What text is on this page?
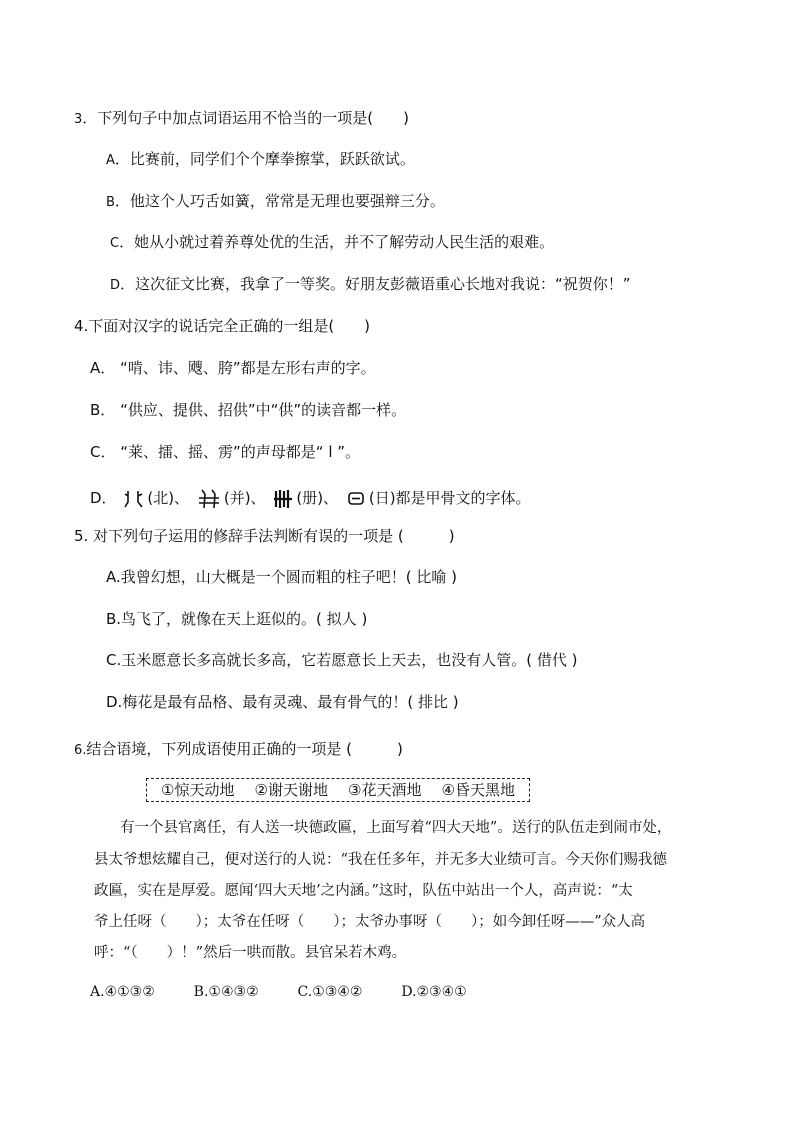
3．下列句子中加点词语运用不恰当的一项是(　　)
A．比赛前，同学们个个摩拳擦掌，跃跃欲试。
B．他这个人巧舌如簧，常常是无理也要强辩三分。
C．她从小就过着养尊处优的生活，并不了解劳动人民生活的艰难。
D．这次征文比赛，我拿了一等奖。好朋友彭薇语重心长地对我说：“祝贺你！”
4.下面对汉字的说话完全正确的一组是(　　)
A． “啃、讳、飕、胯”都是左形右声的字。
B． “供应、提供、招供”中“供”的读音都一样。
C． “莱、擂、摇、雳”的声母都是“ l ”。
D． (北)、 (并)、 (册)、 (日)都是甲骨文的字体。
5. 对下列句子运用的修辞手法判断有误的一项是 (　　　)
A.我曾幻想，山大概是一个圆而粗的柱子吧！( 比喻 )
B.鸟飞了，就像在天上逛似的。( 拟人 )
C.玉米愿意长多高就长多高，它若愿意长上天去，也没有人管。( 借代 )
D.梅花是最有品格、最有灵魂、最有骨气的！( 排比 )
6.结合语境，下列成语使用正确的一项是 (　　　)
①惊天动地 ②谢天谢地 ③花天酒地 ④昏天黑地
有一个县官离任，有人送一块德政匾，上面写着“四大天地”。送行的队伍走到闹市处，
县太爷想炫耀自己，便对送行的人说：“我在任多年，并无多大业绩可言。今天你们赐我德
政匾，实在是厚爱。愿闻‘四大天地’之内涵。”这时，队伍中站出一个人，高声说：“太
爷上任呀（　　）；太爷在任呀（　　）；太爷办事呀（　　）；如今卸任呀——”众人高
呼：“（　　）！”然后一哄而散。县官呆若木鸡。
A.④①③②	B.①④③②	C.①③④②	D.②③④①
